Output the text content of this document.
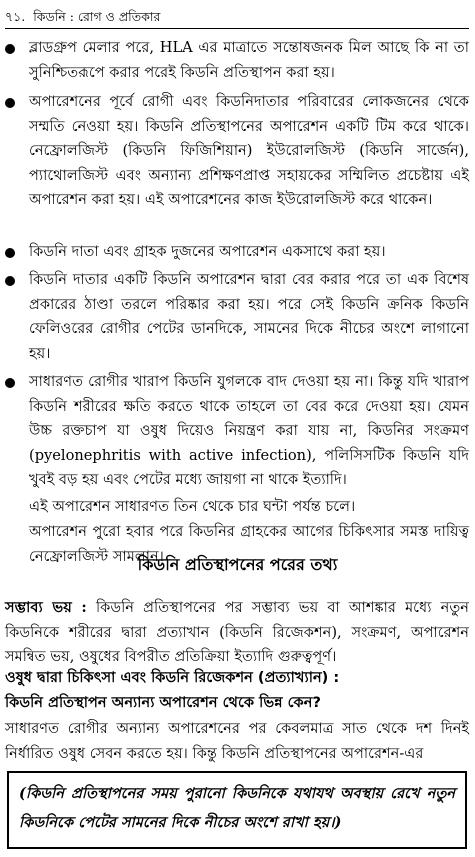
৭১. কিডনি : রোগ ও প্রতিকার
ব্লাডগ্রুপ মেলার পরে, HLA এর মাত্রাতে সন্তোষজনক মিল আছে কি না তা সুনিশ্চিতরূপে করার পরেই কিডনি প্রতিস্থাপন করা হয়।
অপারেশনের পূর্বে রোগী এবং কিডনিদাতার পরিবারের লোকজনের থেকে সম্মতি নেওয়া হয়। কিডনি প্রতিস্থাপনের অপারেশন একটি টিম করে থাকে। নেফ্রোলজিস্ট (কিডনি ফিজিশিয়ান) ইউরোলজিস্ট (কিডনি সার্জেন), প্যাথোলজিস্ট এবং অন্যান্য প্রশিক্ষণপ্রাপ্ত সহায়কের সম্মিলিত প্রচেষ্টায় এই অপারেশন করা হয়। এই অপারেশনের কাজ ইউরোলজিস্ট করে থাকেন।
কিডনি দাতা এবং গ্রাহক দুজনের অপারেশন একসাথে করা হয়।
কিডনি দাতার একটি কিডনি অপারেশন দ্বারা বের করার পরে তা এক বিশেষ প্রকারের ঠাণ্ডা তরলে পরিষ্কার করা হয়। পরে সেই কিডনি ক্রনিক কিডনি ফেলিওরের রোগীর পেটের ডানদিকে, সামনের দিকে নীচের অংশে লাগানো হয়।
সাধারণত রোগীর খারাপ কিডনি যুগলকে বাদ দেওয়া হয় না। কিন্তু যদি খারাপ কিডনি শরীরের ক্ষতি করতে থাকে তাহলে তা বের করে দেওয়া হয়। যেমন উচ্চ রক্তচাপ যা ওষুধ দিয়েও নিয়ন্ত্রণ করা যায় না, কিডনির সংক্রমণ (pyelonephritis with active infection), পলিসিসটিক কিডনি যদি খুবই বড় হয় এবং পেটের মধ্যে জায়গা না থাকে ইত্যাদি।
এই অপারেশন সাধারণত তিন থেকে চার ঘন্টা পর্যন্ত চলে।
অপারেশন পুরো হবার পরে কিডনির গ্রাহকের আগের চিকিৎসার সমস্ত দায়িত্ব নেফ্রোলজিস্ট সামলান।
কিডনি প্রতিস্থাপনের পরের তথ্য
সম্ভাব্য ভয় : কিডনি প্রতিস্থাপনের পর সম্ভাব্য ভয় বা আশঙ্কার মধ্যে নতুন কিডনিকে শরীরের দ্বারা প্রত্যাখান (কিডনি রিজেকশন), সংক্রমণ, অপারেশন সমন্বিত ভয়, ওষুধের বিপরীত প্রতিক্রিয়া ইত্যাদি গুরুত্বপূর্ণ।
ওষুধ দ্বারা চিকিৎসা এবং কিডনি রিজেকশন (প্রত্যাখ্যান) :
কিডনি প্রতিস্থাপন অন্যান্য অপারেশন থেকে ভিন্ন কেন?
সাধারণত রোগীর অন্যান্য অপারেশনের পর কেবলমাত্র সাত থেকে দশ দিনই নির্ধারিত ওষুধ সেবন করতে হয়। কিন্তু কিডনি প্রতিস্থাপনের অপারেশন-এর
(কিডনি প্রতিস্থাপনের সময় পুরানো কিডনিকে যথাযথ অবস্থায় রেখে নতুন কিডনিকে পেটের সামনের দিকে নীচের অংশে রাখা হয়।)
